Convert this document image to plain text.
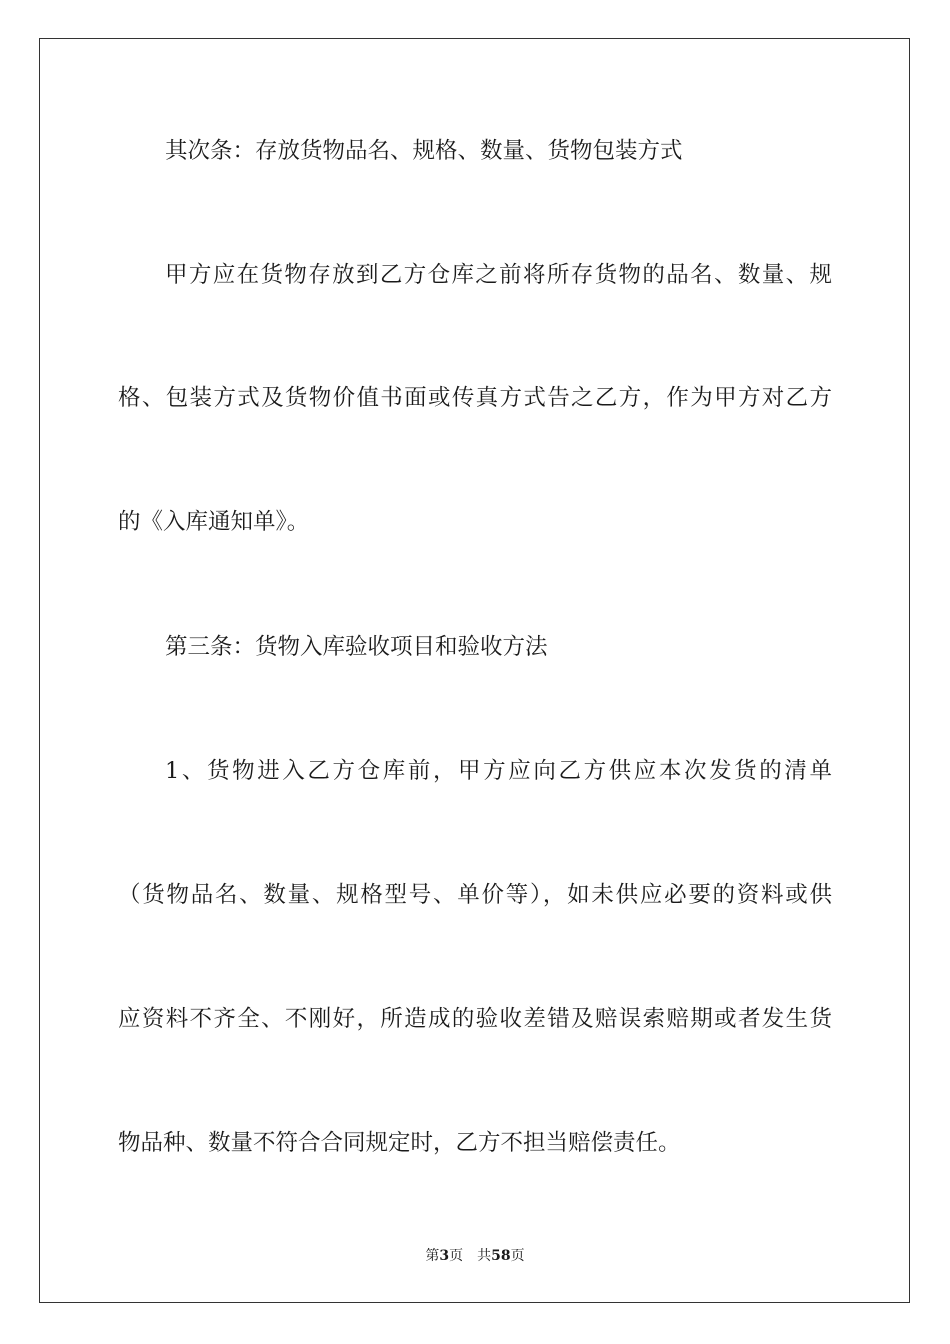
其次条：存放货物品名、规格、数量、货物包装方式
甲方应在货物存放到乙方仓库之前将所存货物的品名、数量、规
格、包装方式及货物价值书面或传真方式告之乙方，作为甲方对乙方
的《入库通知单》。
第三条：货物入库验收项目和验收方法
1、货物进入乙方仓库前，甲方应向乙方供应本次发货的清单
（货物品名、数量、规格型号、单价等），如未供应必要的资料或供
应资料不齐全、不刚好，所造成的验收差错及赔误索赔期或者发生货
物品种、数量不符合合同规定时，乙方不担当赔偿责任。
第3页 共58页
